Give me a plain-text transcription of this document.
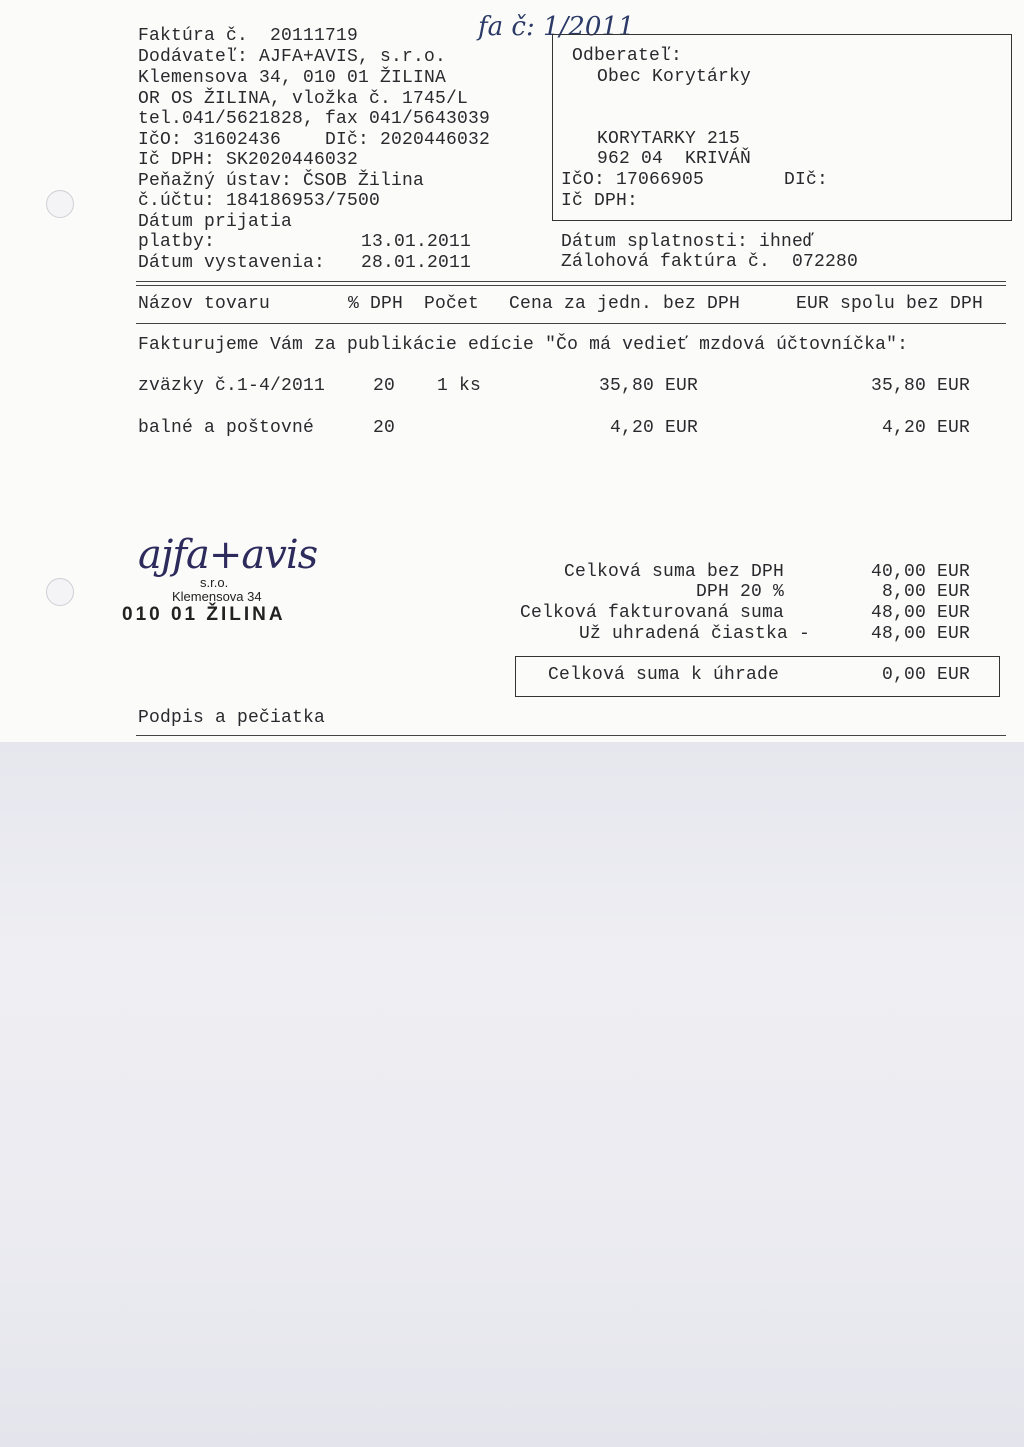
fa č: 1/2011
Faktúra č.  20111719
Dodávateľ: AJFA+AVIS, s.r.o.
Klemensova 34, 010 01 ŽILINA
OR OS ŽILINA, vložka č. 1745/L
tel.041/5621828, fax 041/5643039
IčO: 31602436    DIč: 2020446032
Ič DPH: SK2020446032
Peňažný ústav: ČSOB Žilina
č.účtu: 184186953/7500
Dátum prijatia
platby:	13.01.2011
Dátum vystavenia: 28.01.2011
Odberateľ:
Obec Korytárky
KORYTARKY 215
962 04  KRIVÁŇ
IčO: 17066905	DIč:
Ič DPH:
Dátum splatnosti: ihneď
Zálohová faktúra č.  072280
Názov tovaru	% DPH Počet Cena za jedn. bez DPH	EUR spolu bez DPH
Fakturujeme Vám za publikácie edície "Čo má vedieť mzdová účtovníčka":
zväzky č.1-4/2011	20 1 ks	35,80 EUR	35,80 EUR
balné a poštovné	20	4,20 EUR	4,20 EUR
ajfa+avis
s.r.o.
Klemensova 34
010 01 ŽILINA
Celková suma bez DPH	40,00 EUR
DPH 20 %	8,00 EUR
Celková fakturovaná suma	48,00 EUR
Už uhradená čiastka -	48,00 EUR
Celková suma k úhrade	0,00 EUR
Podpis a pečiatka
